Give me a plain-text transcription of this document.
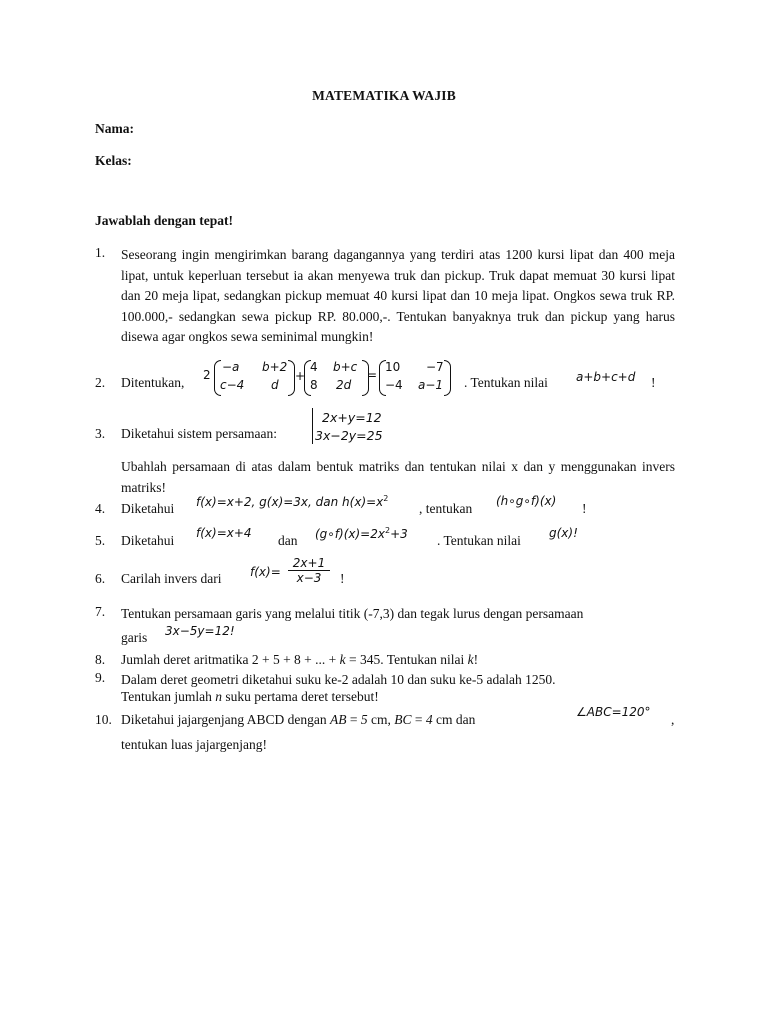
MATEMATIKA WAJIB
Nama:
Kelas:
Jawablah dengan tepat!
1. Seseorang ingin mengirimkan barang dagangannya yang terdiri atas 1200 kursi lipat dan 400 meja lipat, untuk keperluan tersebut ia akan menyewa truk dan pickup. Truk dapat memuat 30 kursi lipat dan 20 meja lipat, sedangkan pickup memuat 40 kursi lipat dan 10 meja lipat. Ongkos sewa truk RP. 100.000,- sedangkan sewa pickup RP. 80.000,-. Tentukan banyaknya truk dan pickup yang harus disewa agar ongkos sewa seminimal mungkin!
2. Ditentukan, 2
−a b+2
c−4 d
+
4 b+c
8 2d
=
10 −7
−4 a−1 . Tentukan nilai a+b+c+d !
3. Diketahui sistem persamaan:
2x+y=12
3x−2y=25
Ubahlah persamaan di atas dalam bentuk matriks dan tentukan nilai x dan y menggunakan invers matriks!
4. Diketahui f(x)=x+2, g(x)=3x, dan $h(x)=x^2$
, tentukan (h∘g∘f)(x) !
5. Diketahui f(x)=x+4 dan $(g\circ f)(x)=2x^2+3$ . Tentukan nilai g(x)!
6. Carilah invers dari $f(x)= \frac{2x+1}{x-3}$ !
7. Tentukan persamaan garis yang melalui titik (-7,3) dan tegak lurus dengan persamaan
garis 3x−5y=12!
8. Jumlah deret aritmatika 2 + 5 + 8 + ... + k = 345. Tentukan nilai k!
9. Dalam deret geometri diketahui suku ke-2 adalah 10 dan suku ke-5 adalah 1250.
Tentukan jumlah n suku pertama deret tersebut!
10. Diketahui jajargenjang ABCD dengan AB = 5 cm, BC = 4 cm dan	∠ABC=120° ,
tentukan luas jajargenjang!
